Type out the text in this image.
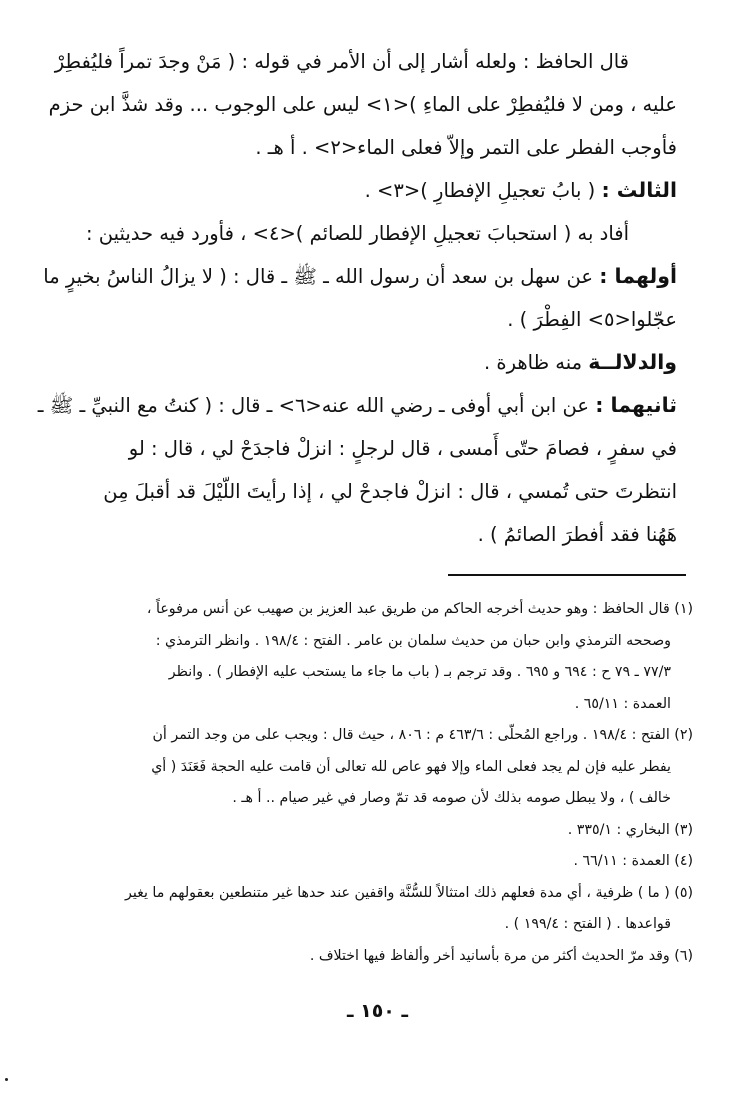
قال الحافظ : ولعله أشار إلى أن الأمر في قوله : ( مَنْ وجدَ تمراً فليُفطِرْ
عليه ، ومن لا فليُفطِرْ على الماءِ )<١> ليس على الوجوب ... وقد شذَّ ابن حزم
فأوجب الفطر على التمر وإلاّ فعلى الماء<٢> . أ هـ .
الثالث : ( بابُ تعجيلِ الإفطارِ )<٣> .
أفاد به ( استحبابَ تعجيلِ الإفطار للصائم )<٤> ، فأورد فيه حديثين :
أولهما : عن سهل بن سعد أن رسول الله ـ ﷺ ـ قال : ( لا يزالُ الناسُ بخيرٍ ما
عجّلوا<٥> الفِطْرَ ) .
والدلالــة منه ظاهرة .
ثانيهما : عن ابن أبي أوفى ـ رضي الله عنه<٦> ـ قال : ( كنتُ مع النبيِّ ـ ﷺ ـ
في سفرٍ ، فصامَ حتّى أَمسى ، قال لرجلٍ : انزلْ فاجدَحْ لي ، قال : لو
انتظرتَ حتى تُمسي ، قال : انزلْ فاجدحْ لي ، إذا رأيتَ اللّيْلَ قد أقبلَ مِن
هَهُنا فقد أفطرَ الصائمُ ) .
(١) قال الحافظ : وهو حديث أخرجه الحاكم من طريق عبد العزيز بن صهيب عن أنس مرفوعاً ،
وصححه الترمذي وابن حبان من حديث سلمان بن عامر . الفتح : ١٩٨/٤ . وانظر الترمذي :
٧٧/٣ ـ ٧٩ ح : ٦٩٤ و ٦٩٥ . وقد ترجم بـ ( باب ما جاء ما يستحب عليه الإفطار ) . وانظر
العمدة : ٦٥/١١ .
(٢) الفتح : ١٩٨/٤ . وراجع المُحلّى : ٤٦٣/٦ م : ٨٠٦ ، حيث قال : ويجب على من وجد التمر أن
يفطر عليه فإن لم يجد فعلى الماء وإلا فهو عاص لله تعالى أن قامت عليه الحجة فَعَنَدَ ( أي
خالف ) ، ولا يبطل صومه بذلك لأن صومه قد تمّ وصار في غير صيام .. أ هـ .
(٣) البخاري : ٣٣٥/١ .
(٤) العمدة : ٦٦/١١ .
(٥) ( ما ) ظرفية ، أي مدة فعلهم ذلك امتثالاً للسُّنَّة واقفين عند حدها غير متنطعين بعقولهم ما يغير
قواعدها . ( الفتح : ١٩٩/٤ ) .
(٦) وقد مرّ الحديث أكثر من مرة بأسانيد أخر وألفاظ فيها اختلاف .
ـ ١٥٠ ـ
